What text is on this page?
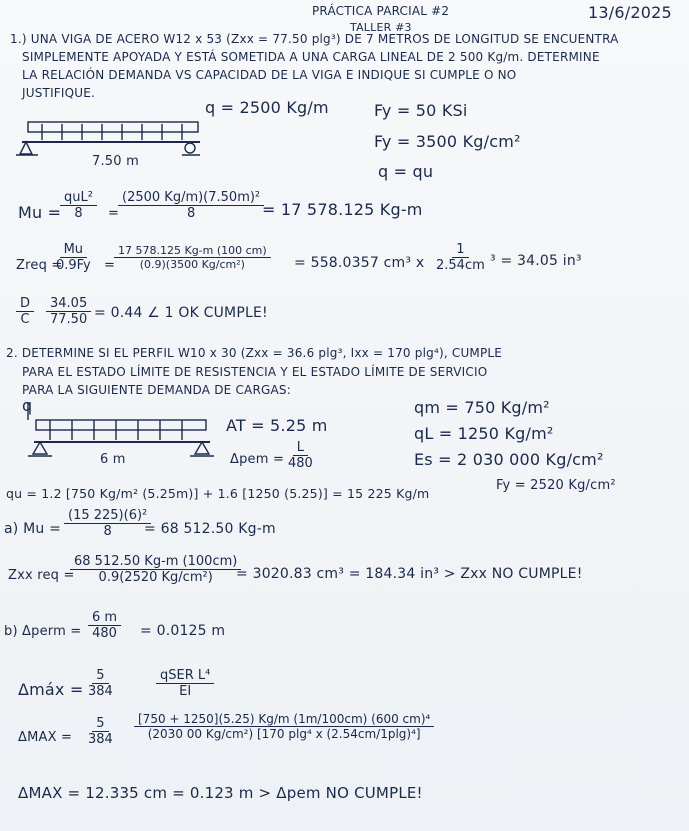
PRÁCTICA PARCIAL #2
TALLER #3
13/6/2025
1.) UNA VIGA DE ACERO W12 x 53 (Zxx = 77.50 plg³) DE 7 METROS DE LONGITUD SE ENCUENTRA
SIMPLEMENTE APOYADA Y ESTÁ SOMETIDA A UNA CARGA LINEAL DE 2 500 Kg/m. DETERMINE
LA RELACIÓN DEMANDA VS CAPACIDAD DE LA VIGA E INDIQUE SI CUMPLE O NO
JUSTIFIQUE.
q = 2500 Kg/m
7.50 m
Fy = 50 KSi
Fy = 3500 Kg/cm²
q = qu
Mu =
quL²
8	=
$\frac{\text{(2500 Kg/m)(7.50m)²}}{8}$
= 17 578.125 Kg-m
Zreq =
$\frac{Mu}{0.9Fy}$ =
$\frac{17 578.125 Kg-m (100 cm)}{\text{(0.9)(3500 Kg/cm²)}} = 558.0357$ cm³ x $\frac{1}{2.54cm} ^3 = 34.05$ in³
$\frac{D}{C} \frac{34.05}{77.50} = 0.44$ ∠ 1 OK CUMPLE!
2. DETERMINE SI EL PERFIL W10 x 30 (Zxx = 36.6 plg³, Ixx = 170 plg⁴), CUMPLE
PARA EL ESTADO LÍMITE DE RESISTENCIA Y EL ESTADO LÍMITE DE SERVICIO
PARA LA SIGUIENTE DEMANDA DE CARGAS:
q
6 m
AT = 5.25 m
$\Delta pem = \frac{L}{480}$
qm = 750 Kg/m²
qL = 1250 Kg/m²
Es = 2 030 000 Kg/cm²
qu = 1.2 [750 Kg/m² (5.25m)] + 1.6 [1250 (5.25)] = 15 225 Kg/m
Fy = 2520 Kg/cm²
a) $Mu = \frac{\text{(15 225)(6)²}}{8}$
= 68 512.50 Kg-m
Zxx req =
$\frac{68 512.50 Kg-m (100cm)}{\text{0.9(2520 Kg/cm²)}}$
= 3020.83 cm³ = 184.34 in³ > Zxx NO CUMPLE!
b) Δperm = $\frac{6 m}{480} = 0.0125$ m
Δmáx = $\frac{5}{384}$	qSER L⁴
EI
$\Delta MAX = \frac{5}{384} \frac{\text{[750 + 1250](5.25) Kg/m (1m/100cm) (600 cm)⁴}}{\text{(2030 00 Kg/cm²) [170 plg⁴ x (2.54cm/1plg)⁴]}}$
ΔMAX = 12.335 cm = 0.123 m > Δpem NO CUMPLE!
